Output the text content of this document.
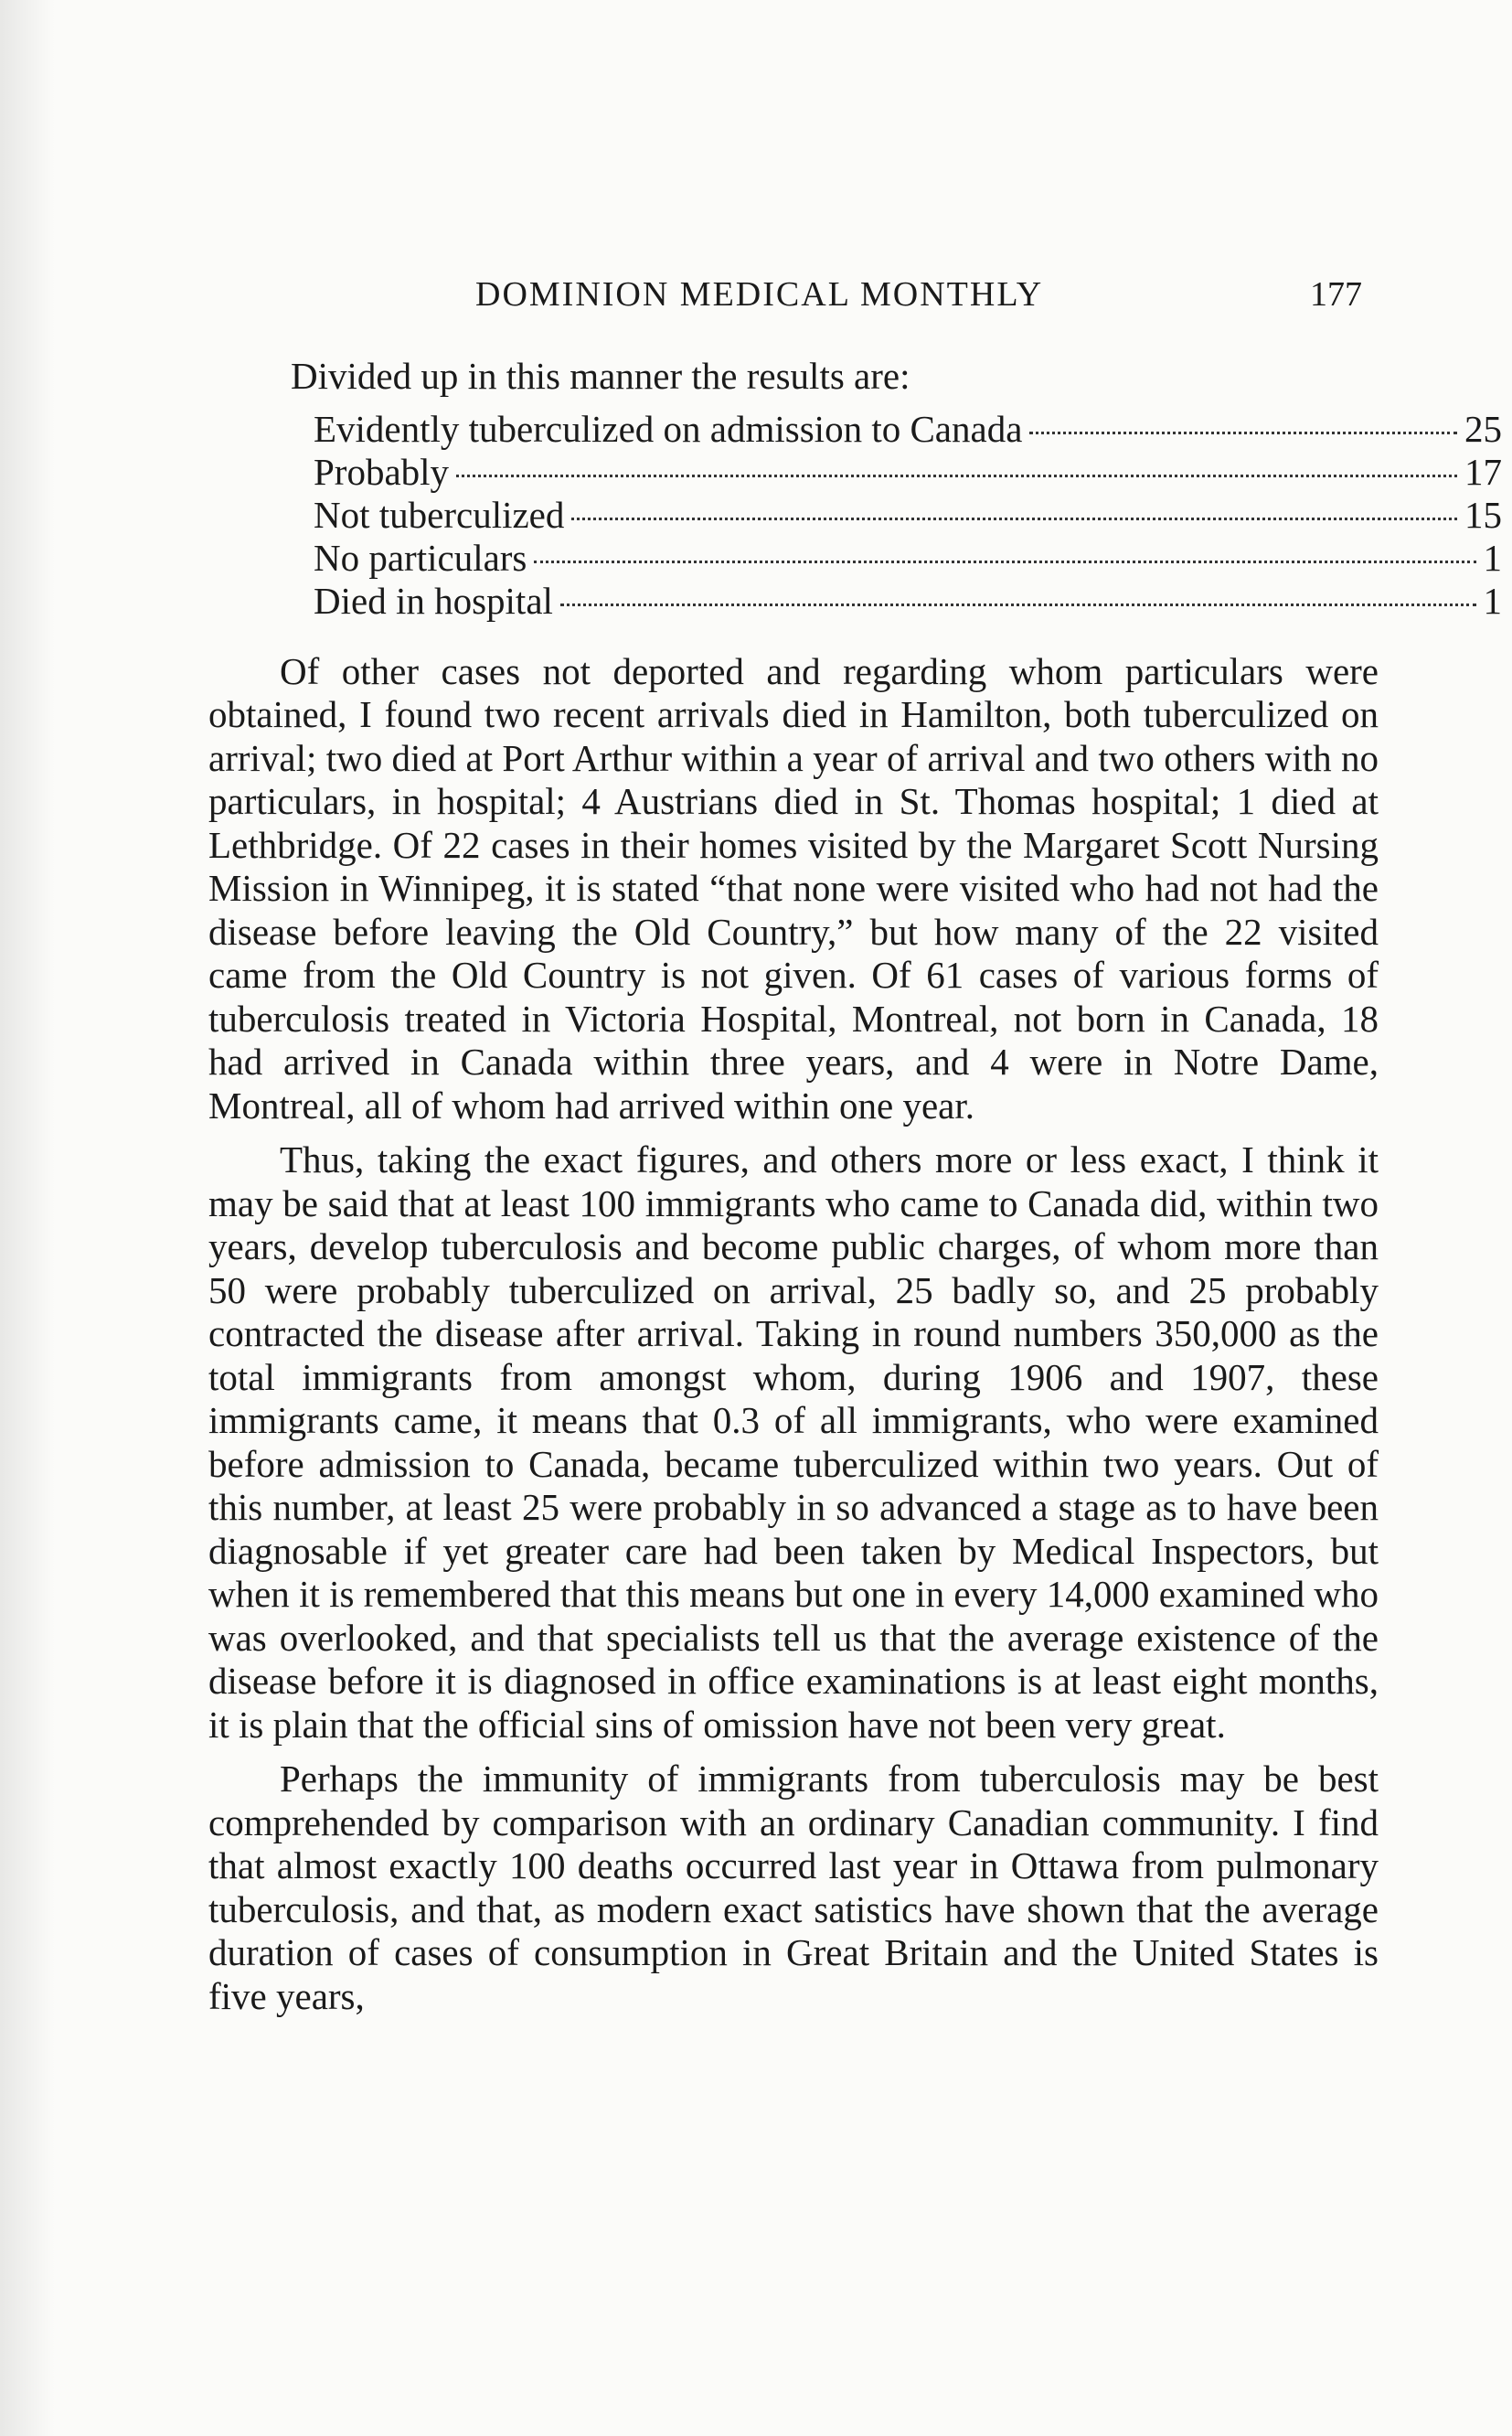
DOMINION MEDICAL MONTHLY	177

Divided up in this manner the results are:

Evidently tuberculized on admission to Canada	25
Probably	17
Not tuberculized	15
No particulars	1
Died in hospital	1

Of other cases not deported and regarding whom particulars were obtained, I found two recent arrivals died in Hamilton, both tuberculized on arrival; two died at Port Arthur within a year of arrival and two others with no particulars, in hospital; 4 Austrians died in St. Thomas hospital; 1 died at Lethbridge. Of 22 cases in their homes visited by the Margaret Scott Nursing Mission in Winnipeg, it is stated “that none were visited who had not had the disease before leaving the Old Country,” but how many of the 22 visited came from the Old Country is not given. Of 61 cases of various forms of tuberculosis treated in Victoria Hospital, Montreal, not born in Canada, 18 had arrived in Canada within three years, and 4 were in Notre Dame, Montreal, all of whom had arrived within one year.

Thus, taking the exact figures, and others more or less exact, I think it may be said that at least 100 immigrants who came to Canada did, within two years, develop tuberculosis and become public charges, of whom more than 50 were probably tuberculized on arrival, 25 badly so, and 25 probably contracted the disease after arrival. Taking in round numbers 350,000 as the total immigrants from amongst whom, during 1906 and 1907, these immigrants came, it means that 0.3 of all immigrants, who were examined before admission to Canada, became tuberculized within two years. Out of this number, at least 25 were probably in so advanced a stage as to have been diagnosable if yet greater care had been taken by Medical Inspectors, but when it is remembered that this means but one in every 14,000 examined who was overlooked, and that specialists tell us that the average existence of the disease before it is diagnosed in office examinations is at least eight months, it is plain that the official sins of omission have not been very great.

Perhaps the immunity of immigrants from tuberculosis may be best comprehended by comparison with an ordinary Canadian community. I find that almost exactly 100 deaths occurred last year in Ottawa from pulmonary tuberculosis, and that, as modern exact satistics have shown that the average duration of cases of consumption in Great Britain and the United States is five years,
